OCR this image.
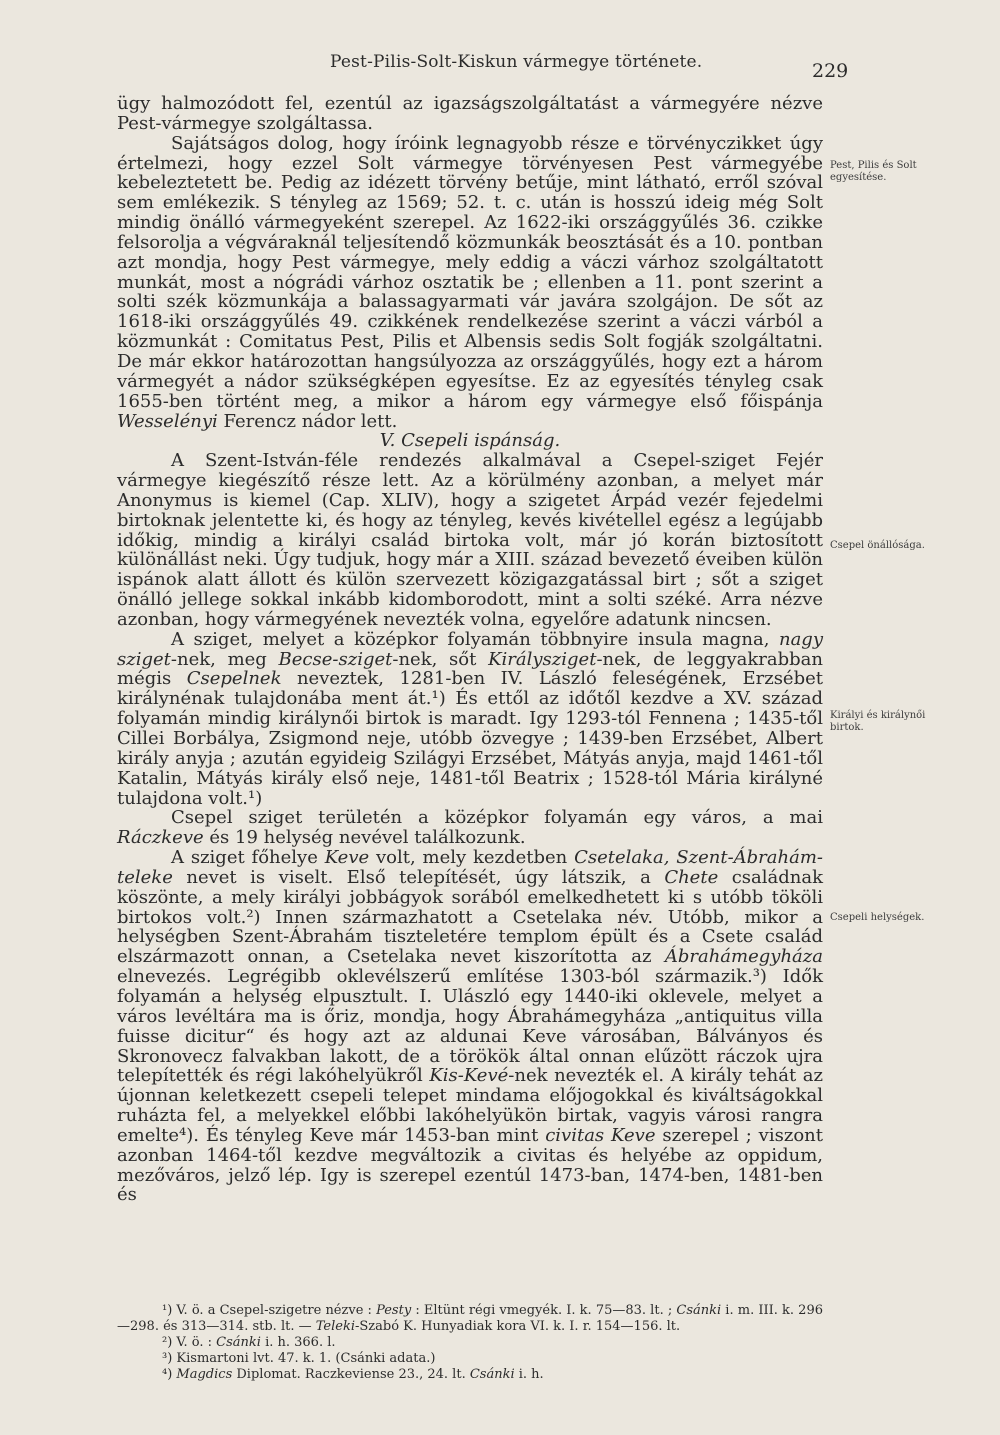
Pest-Pilis-Solt-Kiskun vármegye története.	229
Pest, Pilis és Solt egyesítése.
Csepel önállósága.
Királyi és királynői birtok.
Csepeli helységek.

ügy halmozódott fel, ezentúl az igazságszolgáltatást a vármegyére nézve Pest-vármegye szolgáltassa.

Sajátságos dolog, hogy íróink legnagyobb része e törvényczikket úgy értelmezi, hogy ezzel Solt vármegye törvényesen Pest vármegyébe kebeleztetett be. Pedig az idézett törvény betűje, mint látható, erről szóval sem emlékezik. S tényleg az 1569; 52. t. c. után is hosszú ideig még Solt mindig önálló vármegyeként szerepel. Az 1622-iki országgyűlés 36. czikke felsorolja a végváraknál teljesítendő közmunkák beosztását és a 10. pontban azt mondja, hogy Pest vármegye, mely eddig a váczi várhoz szolgáltatott munkát, most a nógrádi várhoz osztatik be ; ellenben a 11. pont szerint a solti szék közmunkája a balassagyarmati vár javára szolgájon. De sőt az 1618-iki országgyűlés 49. czikkének rendelkezése szerint a váczi várból a közmunkát : Comitatus Pest, Pilis et Albensis sedis Solt fogják szolgáltatni. De már ekkor határozottan hangsúlyozza az országgyűlés, hogy ezt a három vármegyét a nádor szükségképen egyesítse. Ez az egyesítés tényleg csak 1655-ben történt meg, a mikor a három egy vármegye első főispánja Wesselényi Ferencz nádor lett.

V. Csepeli ispánság.

A Szent-István-féle rendezés alkalmával a Csepel-sziget Fejér vármegye kiegészítő része lett. Az a körülmény azonban, a melyet már Anonymus is kiemel (Cap. XLIV), hogy a szigetet Árpád vezér fejedelmi birtoknak jelentette ki, és hogy az tényleg, kevés kivétellel egész a legújabb időkig, mindig a királyi család birtoka volt, már jó korán biztosított különállást neki. Úgy tudjuk, hogy már a XIII. század bevezető éveiben külön ispánok alatt állott és külön szervezett közigazgatással birt ; sőt a sziget önálló jellege sokkal inkább kidomborodott, mint a solti széké. Arra nézve azonban, hogy vármegyének nevezték volna, egyelőre adatunk nincsen.

A sziget, melyet a középkor folyamán többnyire insula magna, nagy sziget-nek, meg Becse-sziget-nek, sőt Királysziget-nek, de leggyakrabban mégis Csepelnek neveztek, 1281-ben IV. László feleségének, Erzsébet királynénak tulajdonába ment át.¹) És ettől az időtől kezdve a XV. század folyamán mindig királynői birtok is maradt. Igy 1293-tól Fennena ; 1435-től Cillei Borbálya, Zsigmond neje, utóbb özvegye ; 1439-ben Erzsébet, Albert király anyja ; azután egyideig Szilágyi Erzsébet, Mátyás anyja, majd 1461-től Katalin, Mátyás király első neje, 1481-től Beatrix ; 1528-tól Mária királyné tulajdona volt.¹)

Csepel sziget területén a középkor folyamán egy város, a mai Ráczkeve és 19 helység nevével találkozunk.

A sziget főhelye Keve volt, mely kezdetben Csetelaka, Szent-Ábrahám-teleke nevet is viselt. Első telepítését, úgy látszik, a Chete családnak köszönte, a mely királyi jobbágyok sorából emelkedhetett ki s utóbb tököli birtokos volt.²) Innen származhatott a Csetelaka név. Utóbb, mikor a helységben Szent-Ábrahám tiszteletére templom épült és a Csete család elszármazott onnan, a Csetelaka nevet kiszorította az Ábrahámegyháza elnevezés. Legrégibb oklevélszerű említése 1303-ból származik.³) Idők folyamán a helység elpusztult. I. Ulászló egy 1440-iki oklevele, melyet a város levéltára ma is őriz, mondja, hogy Ábrahámegyháza „antiquitus villa fuisse dicitur“ és hogy azt az aldunai Keve városában, Bálványos és Skronovecz falvakban lakott, de a törökök által onnan elűzött ráczok ujra telepítették és régi lakóhelyükről Kis-Kevé-nek nevezték el. A király tehát az újonnan keletkezett csepeli telepet mindama előjogokkal és kiváltságokkal ruházta fel, a melyekkel előbbi lakóhelyükön birtak, vagyis városi rangra emelte⁴). És tényleg Keve már 1453-ban mint civitas Keve szerepel ; viszont azonban 1464-től kezdve megváltozik a civitas és helyébe az oppidum, mezőváros, jelző lép. Igy is szerepel ezentúl 1473-ban, 1474-ben, 1481-ben és

¹) V. ö. a Csepel-szigetre nézve : Pesty : Eltünt régi vmegyék. I. k. 75—83. lt. ; Csánki i. m. III. k. 296—298. és 313—314. stb. lt. — Teleki-Szabó K. Hunyadiak kora VI. k. I. r. 154—156. lt.

²) V. ö. : Csánki i. h. 366. l.

³) Kismartoni lvt. 47. k. 1. (Csánki adata.)

⁴) Magdics Diplomat. Raczkeviense 23., 24. lt. Csánki i. h.
